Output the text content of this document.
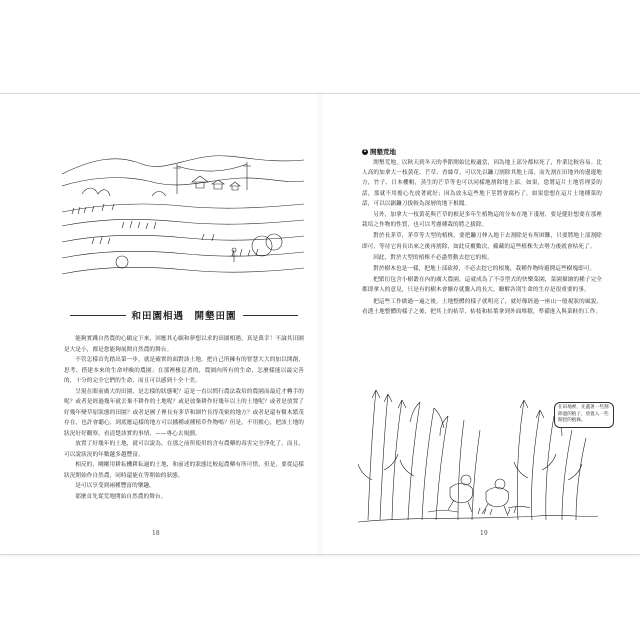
和田園相遇　開墾田園

能夠實踐自然農的心願定下來，回應其心願和夢想以求的田園相遇，真是萬幸！不論其田園是大是小，都是您能夠展開自然農的舞台。

不管怎樣首先踏出第一步，就是確實的面對該土地，把自己所擁有的智慧大大的加以開創，思考、搭建本來的生命呼喚的農園；在那裡棲息著的，農園內所有的生命，怎麼樣能以最完善的，十分的完全它們的生命，而且可以感到十全十美。

呈現在眼前廣大的田園，是怎樣的狀態呢？這是一直以慣行農法栽培的農園而最近才轉手的呢？或者是經過幾年就丟棄不耕作的土地呢？或是放棄耕作好幾年以上的土地呢？或者是放置了好幾年變草原狀態的田園？或者是圃子裡長有茅草和細竹長得茂密的地方？或者是還有樹木繁茂存在，也許會聽心，到底應這樣的地方可以播種或種植草作物嗎？但是，不用擔心，把該土地的狀況好好觀察，看清楚該實的事情，——專心去規劃。

放置了好幾年的土地，就可以說為，在那之前所使用的含有農藥的毒害完全淨化了，而且，可以說狀況的年數越多越豐富。

相反的，剛剛用耕耘機耕耘過的土地，和前述的狀態比較起農藥有所可惜，但是，要從這樣狀況開始作自然農，同時還能在等開始的狀態。

是可以享受到兩種豐富的樂趣。

那麼首先從荒地開始自然農的舞台。

18
1 開墾荒地

開墾荒地，以秋天到冬天的季節開始比較適當，因為地上部分都枯死了，作業比較容易。比人高的加拿大一枝黃花、芒草、香絲草，可以先以鐮刀割除其地上部，而先割在田地外的邊邊地方，竹子、日本櫻帽，蒸生的芒草等也可以同樣地割除地上部。如果，您將這片土地管理妥的話，那就不用擔心先放著就好；因為放永這些地下莖將會腐朽了，如果您想在這片土地種菜的話，可以以鋸鐮刀拔較為深層的地下根聞。

另外，加拿大一枝黃花與芒草的根是多年生植物這的分布在地下淺層，要是健壯想要在那裡栽培之作物的性質，也可以考慮種栽的將之拔除。

對於長茅草，茅草等大型的植株，要把鐮刀伸入地下去割除是有所困難，只要將地上部割除即可，等待它再長出來之後再割除，如此反覆數次，蘊藏的這些植株失去勢力後就會枯死了。

因此，對於大型的植株不必盡勞動去挖它的根。

對於樹木也是一樣，把地上部砍掉，不必去挖它的根塊，栽種作物時避開這些樹塊即可。

把繁衍包含小樹叢在內的廣大農園，這就成為了不亞型式的快樂菜園，菜園描繪的種子完全都即拿人的意見，只是有的樹木會擴存就騰入的長大，瞭解各別生命的生存是很重要的事。

把這些工作做過一遍之後，土地整體的樣子就明亮了，就好像經過一座山一般視狀的風貌，看透土地整體的樣子之後，把其上的枯草，枯枝和枯葉拿到外面堆積，準備進入與菜畦的工作。

在田地裡，先蓋著一些割除過的植子，放置入一些開挖的植株。
19
